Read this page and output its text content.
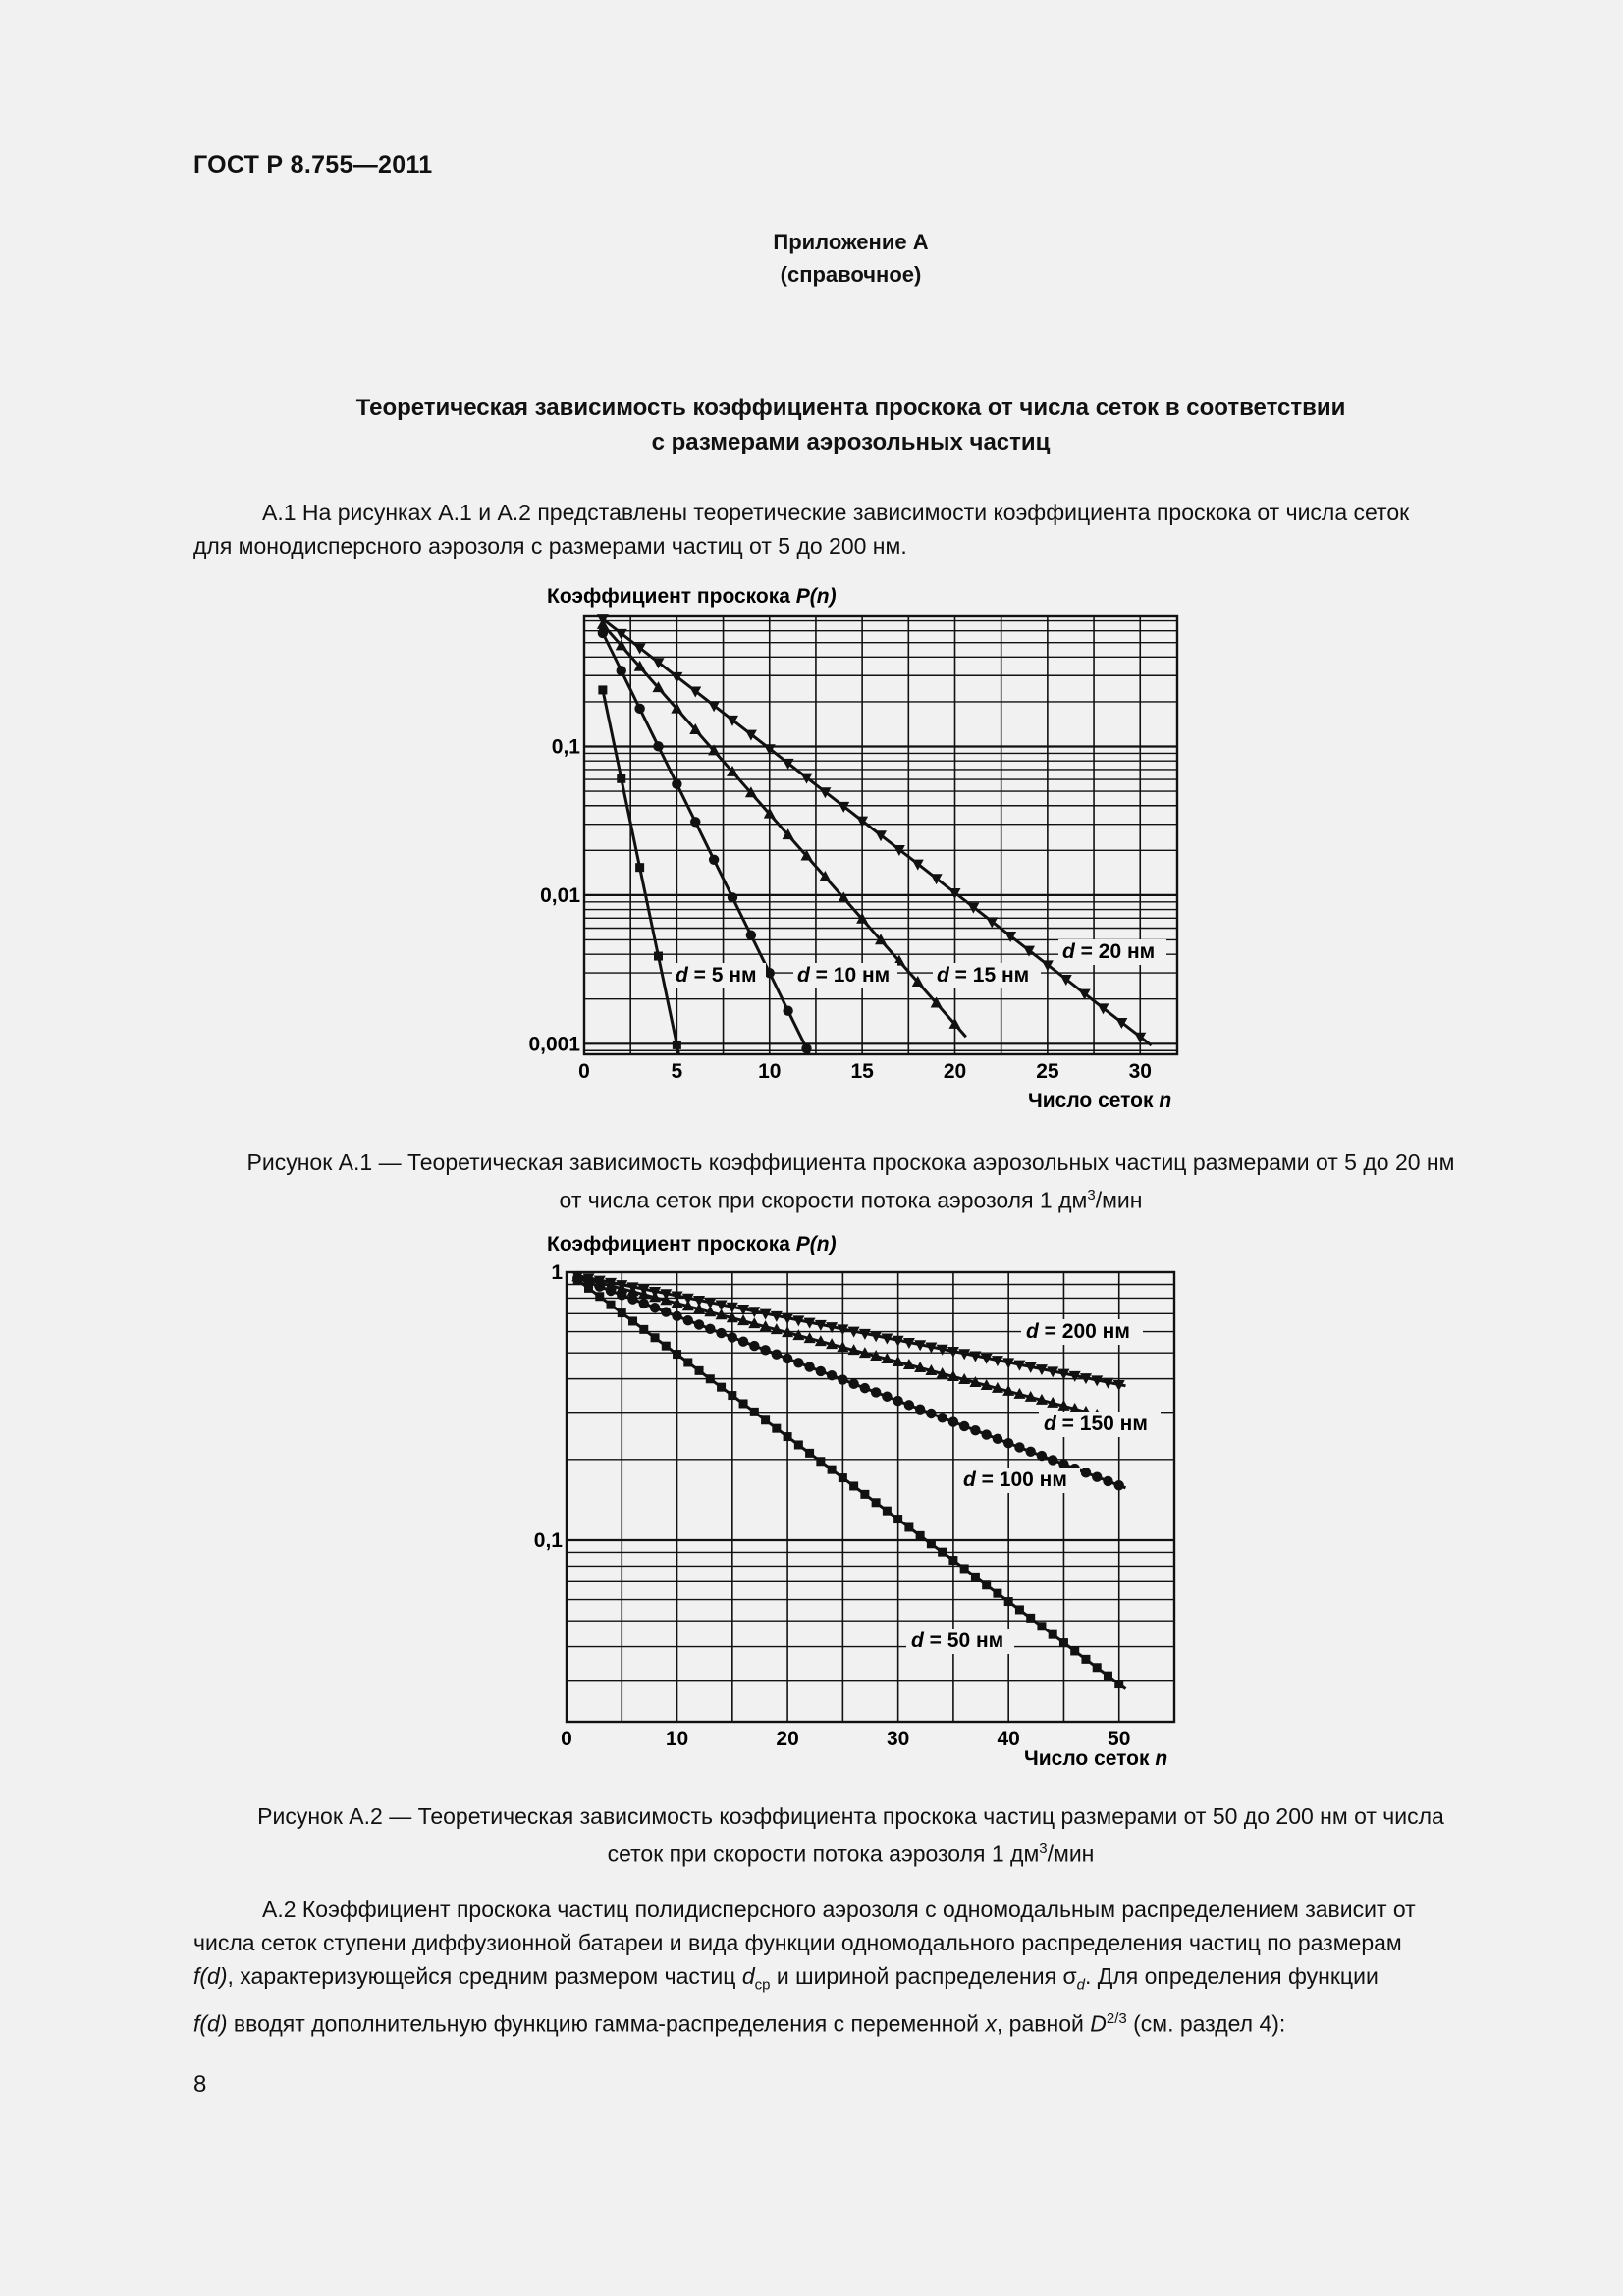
ГОСТ Р 8.755—2011
Приложение А
(справочное)
Теоретическая зависимость коэффициента проскока от числа сеток в соответствии
с размерами аэрозольных частиц
А.1 На рисунках А.1 и А.2 представлены теоретические зависимости коэффициента проскока от числа сеток
для монодисперсного аэрозоля с размерами частиц от 5 до 200 нм.
Коэффициент проскока P(n)
0,1
0,01
0,001
0	5	10	15	20	25	30
Число сеток n
d = 5 нм d = 10 нм d = 15 нм
d = 20 нм
Рисунок А.1 — Теоретическая зависимость коэффициента проскока аэрозольных частиц размерами от 5 до 20 нм
от числа сеток при скорости потока аэрозоля 1 $дм^3$/мин
Коэффициент проскока P(n)
1
0,1
0	10	20	30	40	50
Число сеток n
d = 200 нм
d = 150 нм
d = 100 нм
d = 50 нм
Рисунок А.2 — Теоретическая зависимость коэффициента проскока частиц размерами от 50 до 200 нм от числа
сеток при скорости потока аэрозоля 1 $дм^3$/мин
А.2 Коэффициент проскока частиц полидисперсного аэрозоля с одномодальным распределением зависит от
числа сеток ступени диффузионной батареи и вида функции одномодального распределения частиц по размерам
f(d), характеризующейся средним размером частиц $d_{ср}$ и шириной распределения $\sigma_d$. Для определения функции
f(d) вводят дополнительную функцию гамма-распределения с переменной x, равной $D^{2/3}$ (см. раздел 4):
8
